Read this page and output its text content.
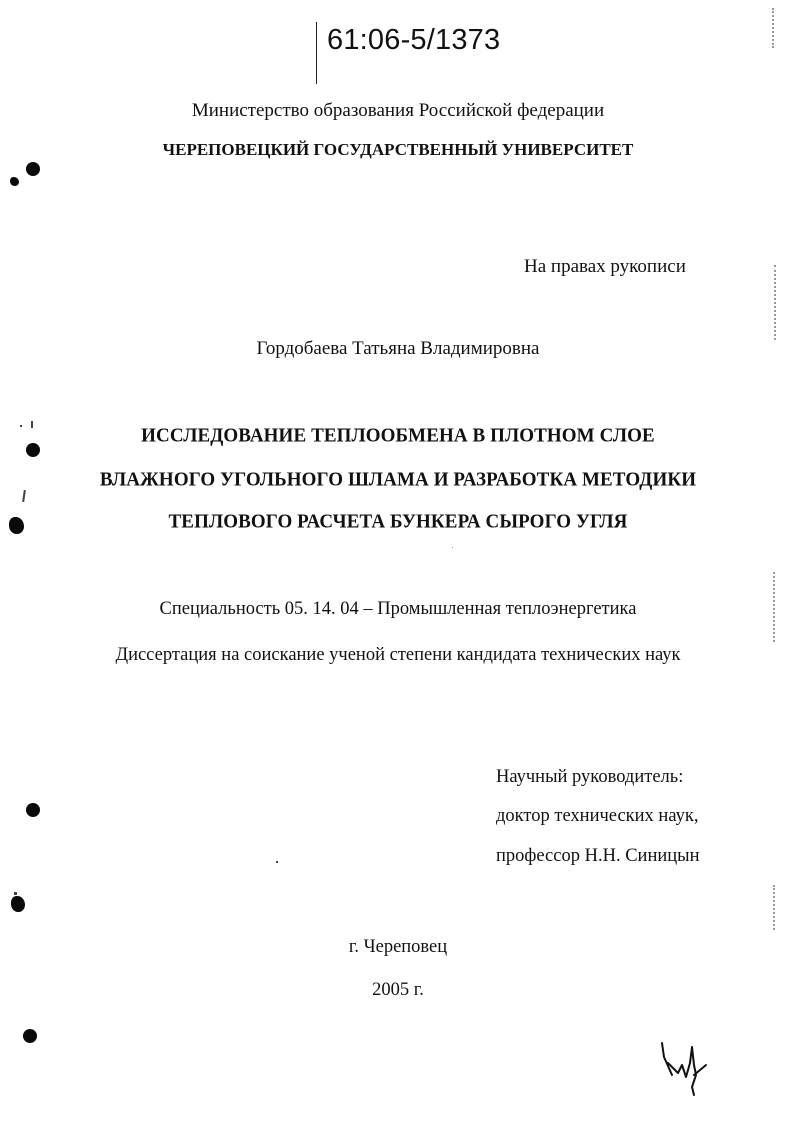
61:06-5/1373
Министерство образования Российской федерации
ЧЕРЕПОВЕЦКИЙ ГОСУДАРСТВЕННЫЙ УНИВЕРСИТЕТ
На правах рукописи
Гордобаева Татьяна Владимировна
ИССЛЕДОВАНИЕ ТЕПЛООБМЕНА В ПЛОТНОМ СЛОЕ
ВЛАЖНОГО УГОЛЬНОГО ШЛАМА И РАЗРАБОТКА МЕТОДИКИ
ТЕПЛОВОГО РАСЧЕТА БУНКЕРА СЫРОГО УГЛЯ
Специальность 05. 14. 04 – Промышленная теплоэнергетика
Диссертация на соискание ученой степени кандидата технических наук
Научный руководитель:
доктор технических наук,
профессор Н.Н. Синицын
г. Череповец
2005 г.
